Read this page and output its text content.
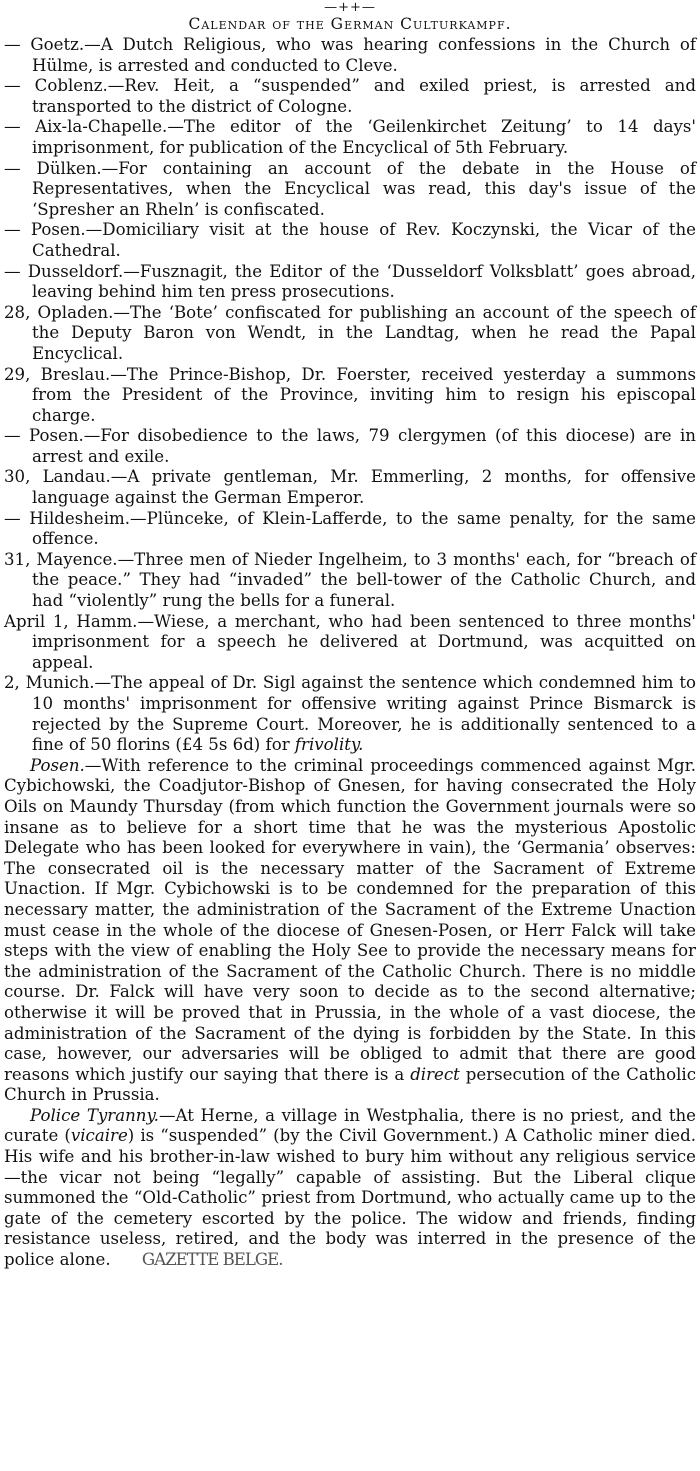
—++—
Calendar of the German Culturkampf.

— Goetz.—A Dutch Religious, who was hearing confessions in the Church of Hülme, is arrested and conducted to Cleve.

— Coblenz.—Rev. Heit, a “suspended” and exiled priest, is arrested and transported to the district of Cologne.

— Aix-la-Chapelle.—The editor of the ‘Geilenkirchet Zeitung’ to 14 days' imprisonment, for publication of the Encyclical of 5th February.

— Dülken.—For containing an account of the debate in the House of Representatives, when the Encyclical was read, this day's issue of the ‘Spresher an Rheln’ is confiscated.

— Posen.—Domiciliary visit at the house of Rev. Koczynski, the Vicar of the Cathedral.

— Dusseldorf.—Fusznagit, the Editor of the ‘Dusseldorf Volksblatt’ goes abroad, leaving behind him ten press prosecutions.

28, Opladen.—The ‘Bote’ confiscated for publishing an account of the speech of the Deputy Baron von Wendt, in the Landtag, when he read the Papal Encyclical.

29, Breslau.—The Prince-Bishop, Dr. Foerster, received yesterday a summons from the President of the Province, inviting him to resign his episcopal charge.

— Posen.—For disobedience to the laws, 79 clergymen (of this diocese) are in arrest and exile.

30, Landau.—A private gentleman, Mr. Emmerling, 2 months, for offensive language against the German Emperor.

— Hildesheim.—Plünceke, of Klein-Lafferde, to the same penalty, for the same offence.

31, Mayence.—Three men of Nieder Ingelheim, to 3 months' each, for “breach of the peace.” They had “invaded” the bell-tower of the Catholic Church, and had “violently” rung the bells for a funeral.

April 1, Hamm.—Wiese, a merchant, who had been sentenced to three months' imprisonment for a speech he delivered at Dortmund, was acquitted on appeal.

2, Munich.—The appeal of Dr. Sigl against the sentence which condemned him to 10 months' imprisonment for offensive writing against Prince Bismarck is rejected by the Supreme Court. Moreover, he is additionally sentenced to a fine of 50 florins (£4 5s 6d) for frivolity.

Posen.—With reference to the criminal proceedings commenced against Mgr. Cybichowski, the Coadjutor-Bishop of Gnesen, for having consecrated the Holy Oils on Maundy Thursday (from which function the Government journals were so insane as to believe for a short time that he was the mysterious Apostolic Delegate who has been looked for everywhere in vain), the ‘Germania’ observes: The consecrated oil is the necessary matter of the Sacrament of Extreme Unaction. If Mgr. Cybichowski is to be condemned for the preparation of this necessary matter, the administration of the Sacrament of the Extreme Unaction must cease in the whole of the diocese of Gnesen-Posen, or Herr Falck will take steps with the view of enabling the Holy See to provide the necessary means for the administration of the Sacrament of the Catholic Church. There is no middle course. Dr. Falck will have very soon to decide as to the second alternative; otherwise it will be proved that in Prussia, in the whole of a vast diocese, the administration of the Sacrament of the dying is forbidden by the State. In this case, however, our adversaries will be obliged to admit that there are good reasons which justify our saying that there is a direct persecution of the Catholic Church in Prussia.

Police Tyranny.—At Herne, a village in Westphalia, there is no priest, and the curate (vicaire) is “suspended” (by the Civil Government.) A Catholic miner died. His wife and his brother-in-law wished to bury him without any religious service—the vicar not being “legally” capable of assisting. But the Liberal clique summoned the “Old-Catholic” priest from Dortmund, who actually came up to the gate of the cemetery escorted by the police. The widow and friends, finding resistance useless, retired, and the body was interred in the presence of the police alone. GAZETTE BELGE.
